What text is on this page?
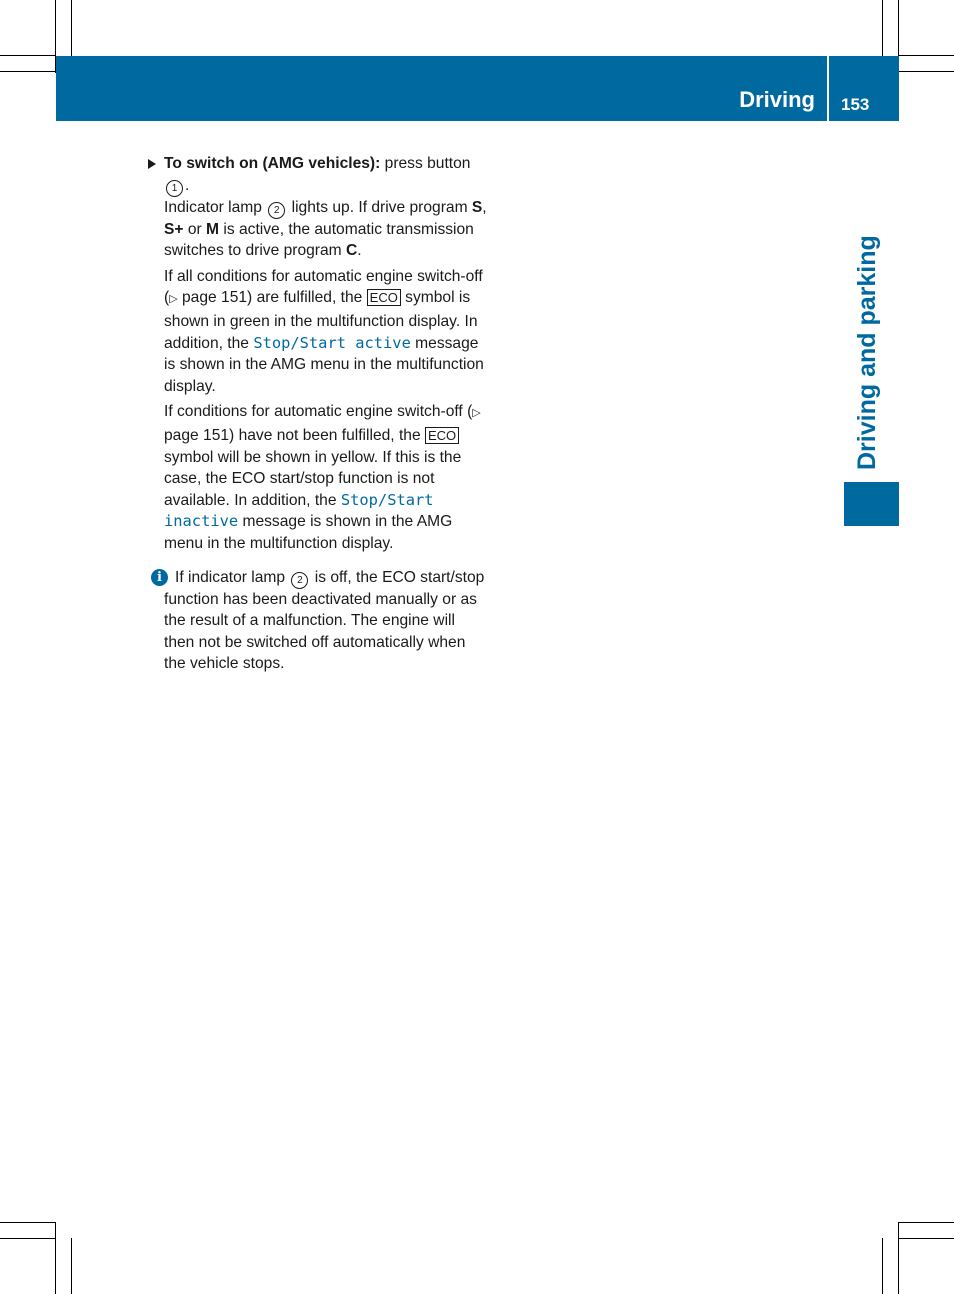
Driving 153
Driving and parking
To switch on (AMG vehicles): press button 1 .
Indicator lamp 2 lights up. If drive program S, S+ or M is active, the automatic transmission switches to drive program C.
If all conditions for automatic engine switch-off (▷ page 151) are fulfilled, the ECO symbol is shown in green in the multifunction display. In addition, the Stop/Start active message is shown in the AMG menu in the multifunction display.
If conditions for automatic engine switch-off (▷ page 151) have not been fulfilled, the ECO symbol will be shown in yellow. If this is the case, the ECO start/stop function is not available. In addition, the Stop/Start inactive message is shown in the AMG menu in the multifunction display.
i If indicator lamp 2 is off, the ECO start/stop function has been deactivated manually or as the result of a malfunction. The engine will then not be switched off automatically when the vehicle stops.
